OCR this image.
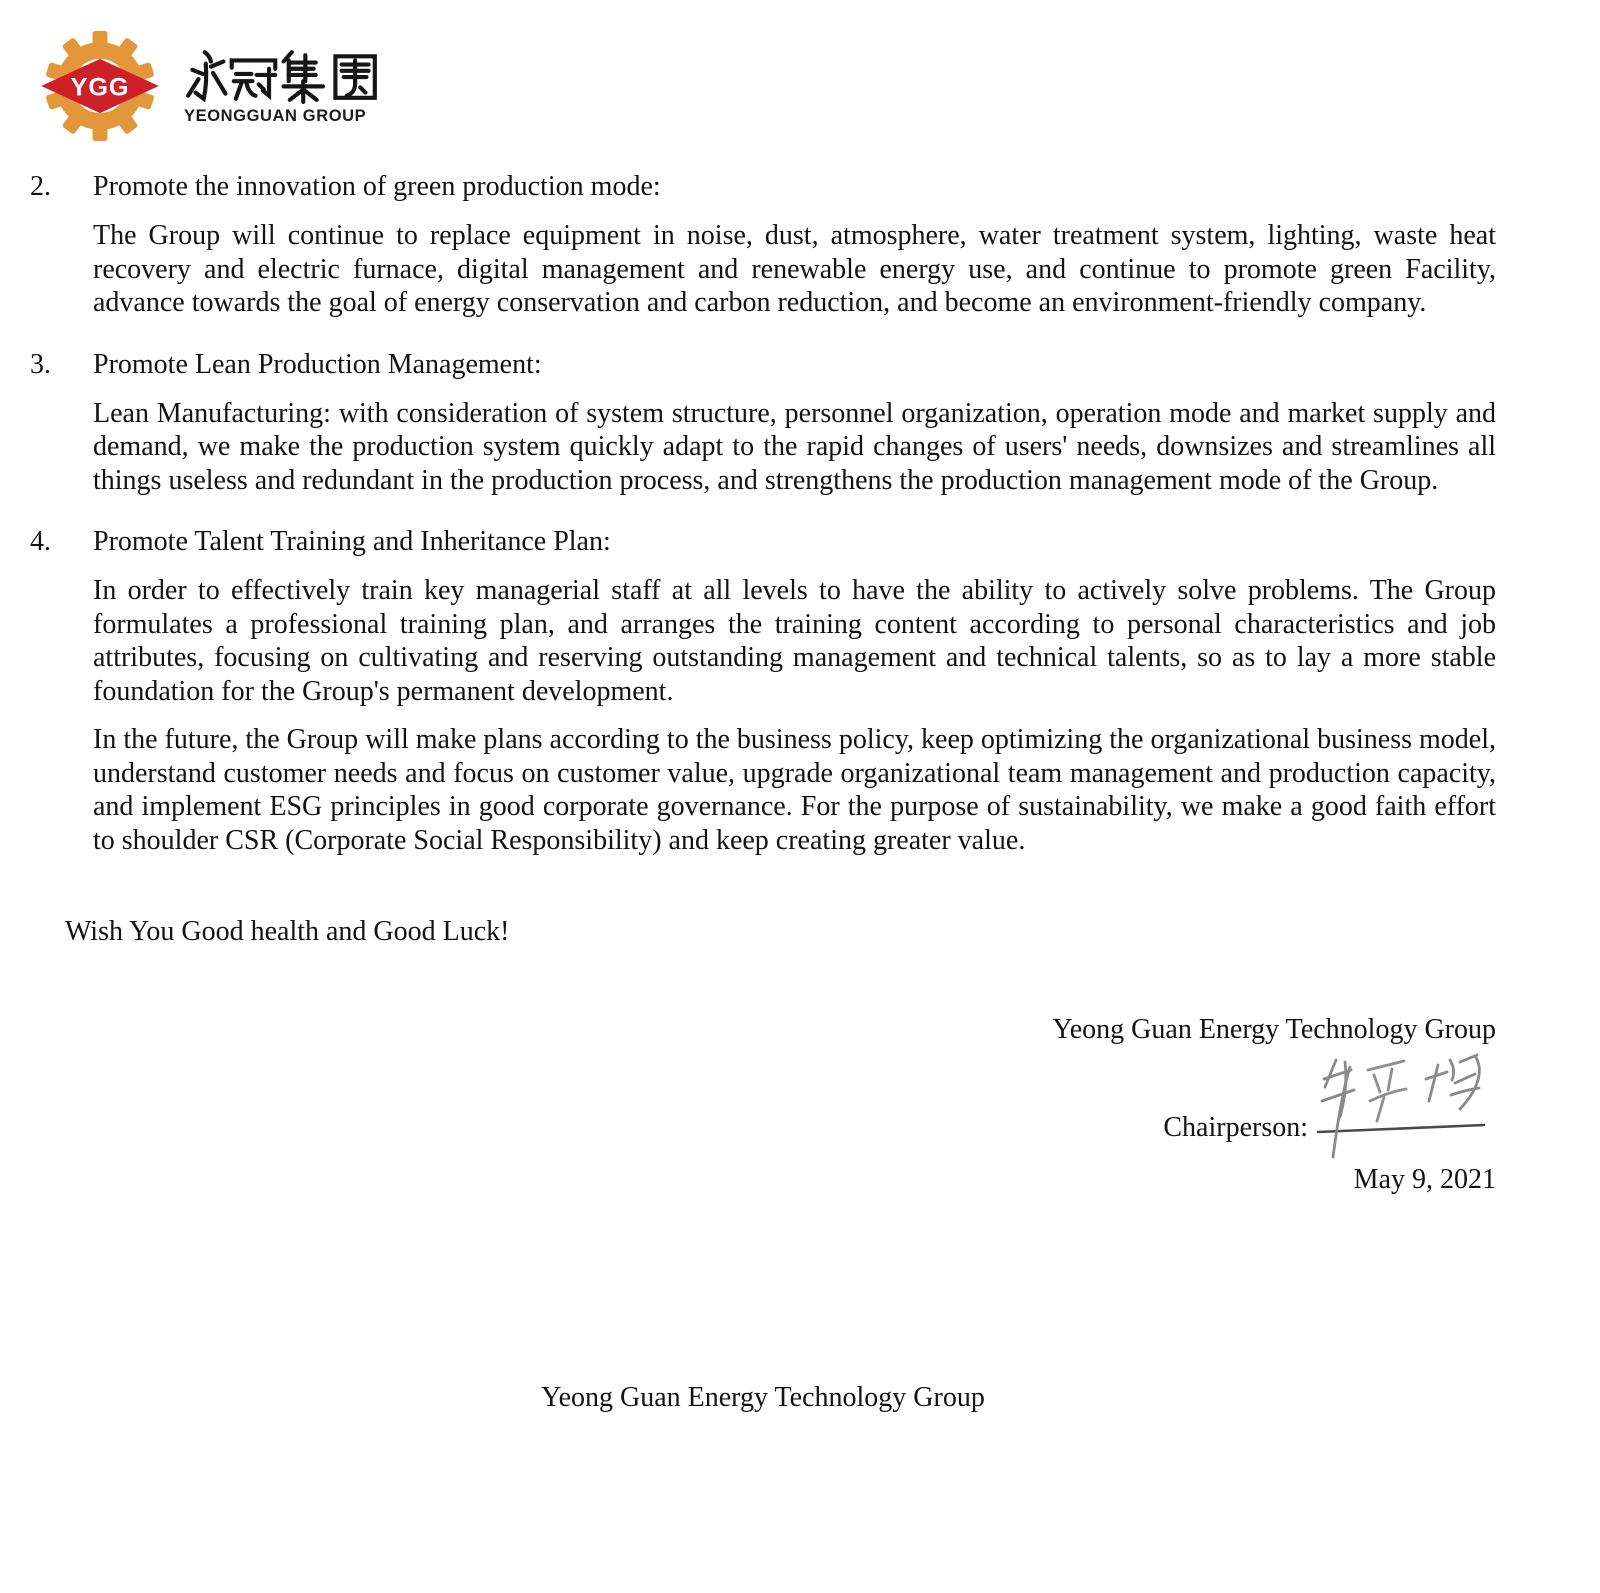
YGG
YEONGGUAN GROUP
2.	Promote the innovation of green production mode:

The Group will continue to replace equipment in noise, dust, atmosphere, water treatment system, lighting, waste heat recovery and electric furnace, digital management and renewable energy use, and continue to promote green Facility, advance towards the goal of energy conservation and carbon reduction, and become an environment-friendly company.

3.	Promote Lean Production Management:

Lean Manufacturing: with consideration of system structure, personnel organization, operation mode and market supply and demand, we make the production system quickly adapt to the rapid changes of users' needs, downsizes and streamlines all things useless and redundant in the production process, and strengthens the production management mode of the Group.

4.	Promote Talent Training and Inheritance Plan:

In order to effectively train key managerial staff at all levels to have the ability to actively solve problems. The Group formulates a professional training plan, and arranges the training content according to personal characteristics and job attributes, focusing on cultivating and reserving outstanding management and technical talents, so as to lay a more stable foundation for the Group's permanent development.

In the future, the Group will make plans according to the business policy, keep optimizing the organizational business model, understand customer needs and focus on customer value, upgrade organizational team management and production capacity, and implement ESG principles in good corporate governance. For the purpose of sustainability, we make a good faith effort to shoulder CSR (Corporate Social Responsibility) and keep creating greater value.

Wish You Good health and Good Luck!
Yeong Guan Energy Technology Group
Chairperson:
May 9, 2021
Yeong Guan Energy Technology Group
